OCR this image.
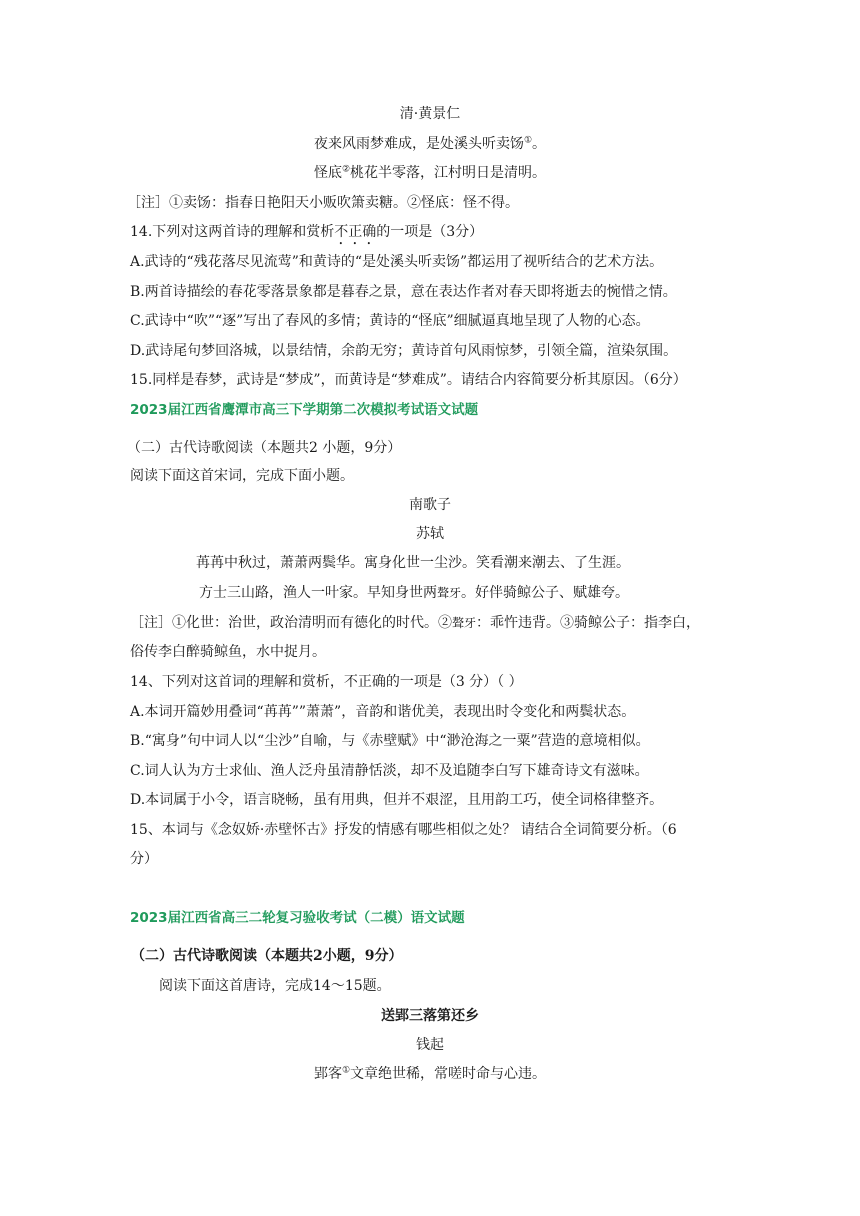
清·黄景仁
夜来风雨梦难成，是处溪头听卖饧①。
怪底②桃花半零落，江村明日是清明。
［注］①卖饧：指春日艳阳天小贩吹箫卖糖。②怪底：怪不得。
14.下列对这两首诗的理解和赏析不正确的一项是（3分）
A.武诗的“残花落尽见流莺”和黄诗的“是处溪头听卖饧”都运用了视听结合的艺术方法。
B.两首诗描绘的春花零落景象都是暮春之景，意在表达作者对春天即将逝去的惋惜之情。
C.武诗中“吹”“逐”写出了春风的多情；黄诗的“怪底”细腻逼真地呈现了人物的心态。
D.武诗尾句梦回洛城，以景结情，余韵无穷；黄诗首句风雨惊梦，引领全篇，渲染氛围。
15.同样是春梦，武诗是“梦成”，而黄诗是“梦难成”。请结合内容简要分析其原因。（6分）
2023届江西省鹰潭市高三下学期第二次模拟考试语文试题
（二）古代诗歌阅读（本题共2 小题，9分）
阅读下面这首宋词，完成下面小题。
南歌子
苏轼
苒苒中秋过，萧萧两鬓华。寓身化世一尘沙。笑看潮来潮去、了生涯。
方士三山路，渔人一叶家。早知身世两聱牙。好伴骑鲸公子、赋雄夸。
［注］①化世：治世，政治清明而有德化的时代。②聱牙：乖忤违背。③骑鲸公子：指李白，
俗传李白醉骑鲸鱼，水中捉月。
14、下列对这首词的理解和赏析，不正确的一项是（3 分）（ ）
A.本词开篇妙用叠词“苒苒””萧萧”，音韵和谐优美，表现出时令变化和两鬓状态。
B.“寓身”句中词人以“尘沙”自喻，与《赤壁赋》中“渺沧海之一粟”营造的意境相似。
C.词人认为方士求仙、渔人泛舟虽清静恬淡，却不及追随李白写下雄奇诗文有滋味。
D.本词属于小令，语言晓畅，虽有用典，但并不艰涩，且用韵工巧，使全词格律整齐。
15、本词与《念奴娇·赤壁怀古》抒发的情感有哪些相似之处？ 请结合全词简要分析。（6
分）
2023届江西省高三二轮复习验收考试（二模）语文试题
（二）古代诗歌阅读（本题共2小题，9分）
阅读下面这首唐诗，完成14～15题。
送郢三落第还乡
钱起
郢客①文章绝世稀，常嗟时命与心违。
